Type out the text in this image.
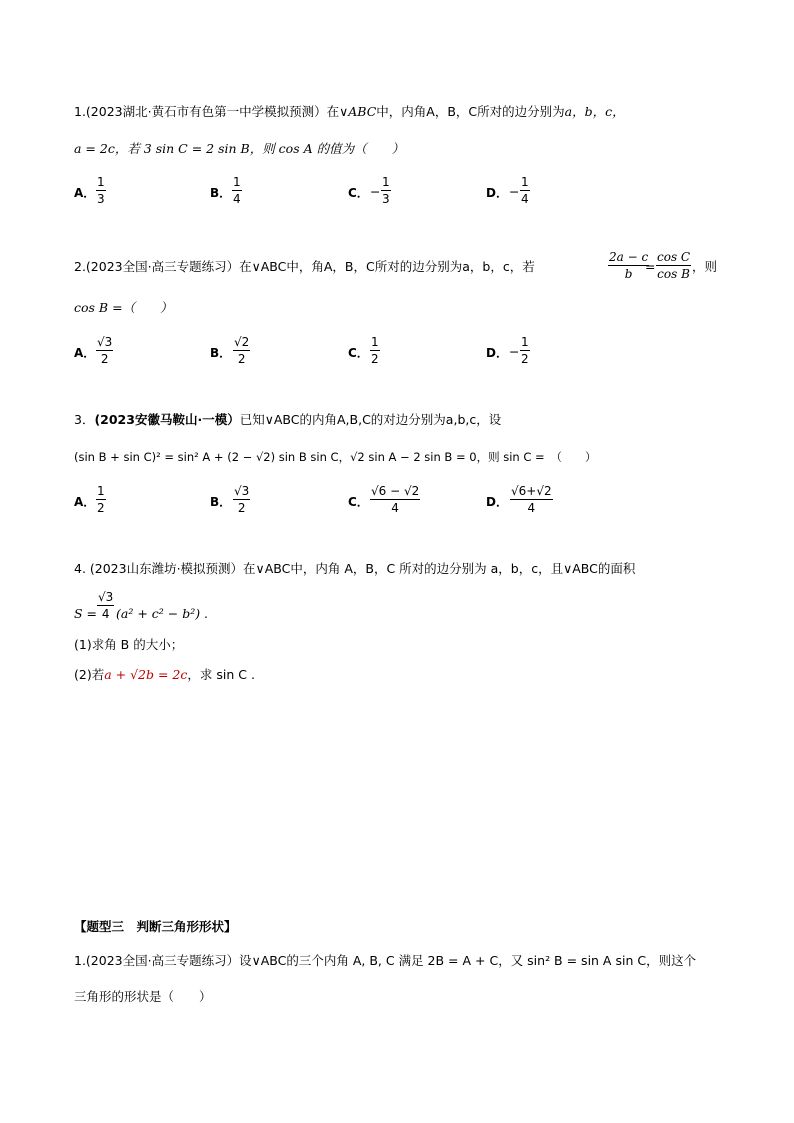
1.(2023湖北·黄石市有色第一中学模拟预测）在∨ABC中，内角A，B，C所对的边分别为a，b，c，
a = 2c，若 3 sin C = 2 sin B，则 cos A 的值为（　　）
A．
1
3	B．
1
4	C． −
1
3	D． −
1
4
2.(2023全国·高三专题练习）在∨ABC中，角A，B，C所对的边分别为a，b，c，若
2a − c
b	=
cos C
cos B ，则
cos B =（　　）
A．
√3
2	B．
√2
2	C．
1
2	D． −
1
2
3．(2023安徽马鞍山·一模）已知∨ABC的内角A,B,C的对边分别为a,b,c，设
(sin B + sin C)² = sin² A + (2 − √2) sin B sin C，√2 sin A − 2 sin B = 0，则 sin C =　（　　）
A．
1
2	B．
√3
2	C．
√6 − √2
4	D．
√6+√2
4
4. (2023山东潍坊·模拟预测）在∨ABC中，内角 A，B，C 所对的边分别为 a，b，c，且∨ABC的面积
S =
√3
4 (a² + c² − b²) .
(1)求角 B 的大小；
(2)若a + √2b = 2c，求 sin C .
【题型三　判断三角形形状】
1.(2023全国·高三专题练习）设∨ABC的三个内角 A, B, C 满足 2B = A + C，又 sin² B = sin A sin C，则这个
三角形的形状是（　　）
